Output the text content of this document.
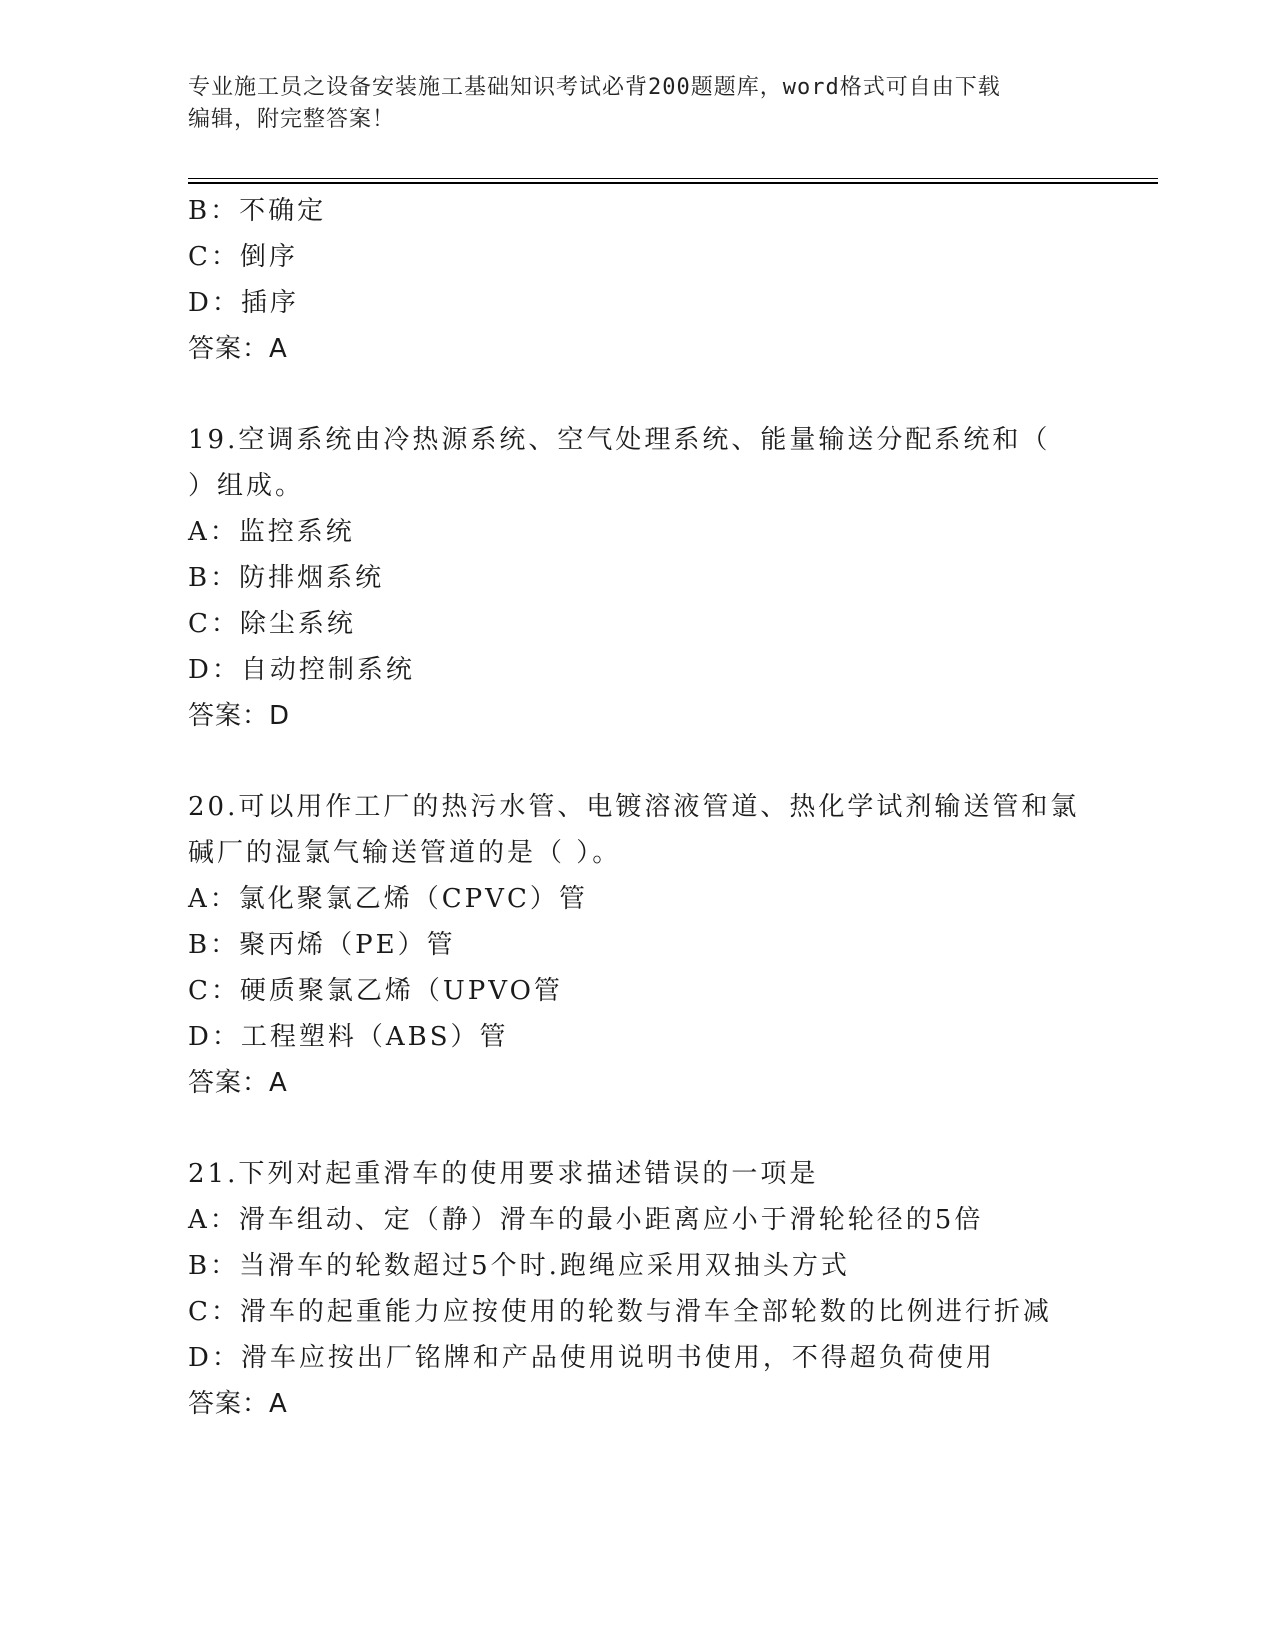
专业施工员之设备安装施工基础知识考试必背200题题库，word格式可自由下载
编辑，附完整答案！
B：不确定
C：倒序
D：插序
答案：A
19.空调系统由冷热源系统、空气处理系统、能量输送分配系统和（
）组成。
A：监控系统
B：防排烟系统
C：除尘系统
D：自动控制系统
答案：D
20.可以用作工厂的热污水管、电镀溶液管道、热化学试剂输送管和氯
碱厂的湿氯气输送管道的是（ ）。
A：氯化聚氯乙烯（CPVC）管
B：聚丙烯（PE）管
C：硬质聚氯乙烯（UPVO管
D：工程塑料（ABS）管
答案：A
21.下列对起重滑车的使用要求描述错误的一项是
A：滑车组动、定（静）滑车的最小距离应小于滑轮轮径的5倍
B：当滑车的轮数超过5个时.跑绳应采用双抽头方式
C：滑车的起重能力应按使用的轮数与滑车全部轮数的比例进行折减
D：滑车应按出厂铭牌和产品使用说明书使用，不得超负荷使用
答案：A
